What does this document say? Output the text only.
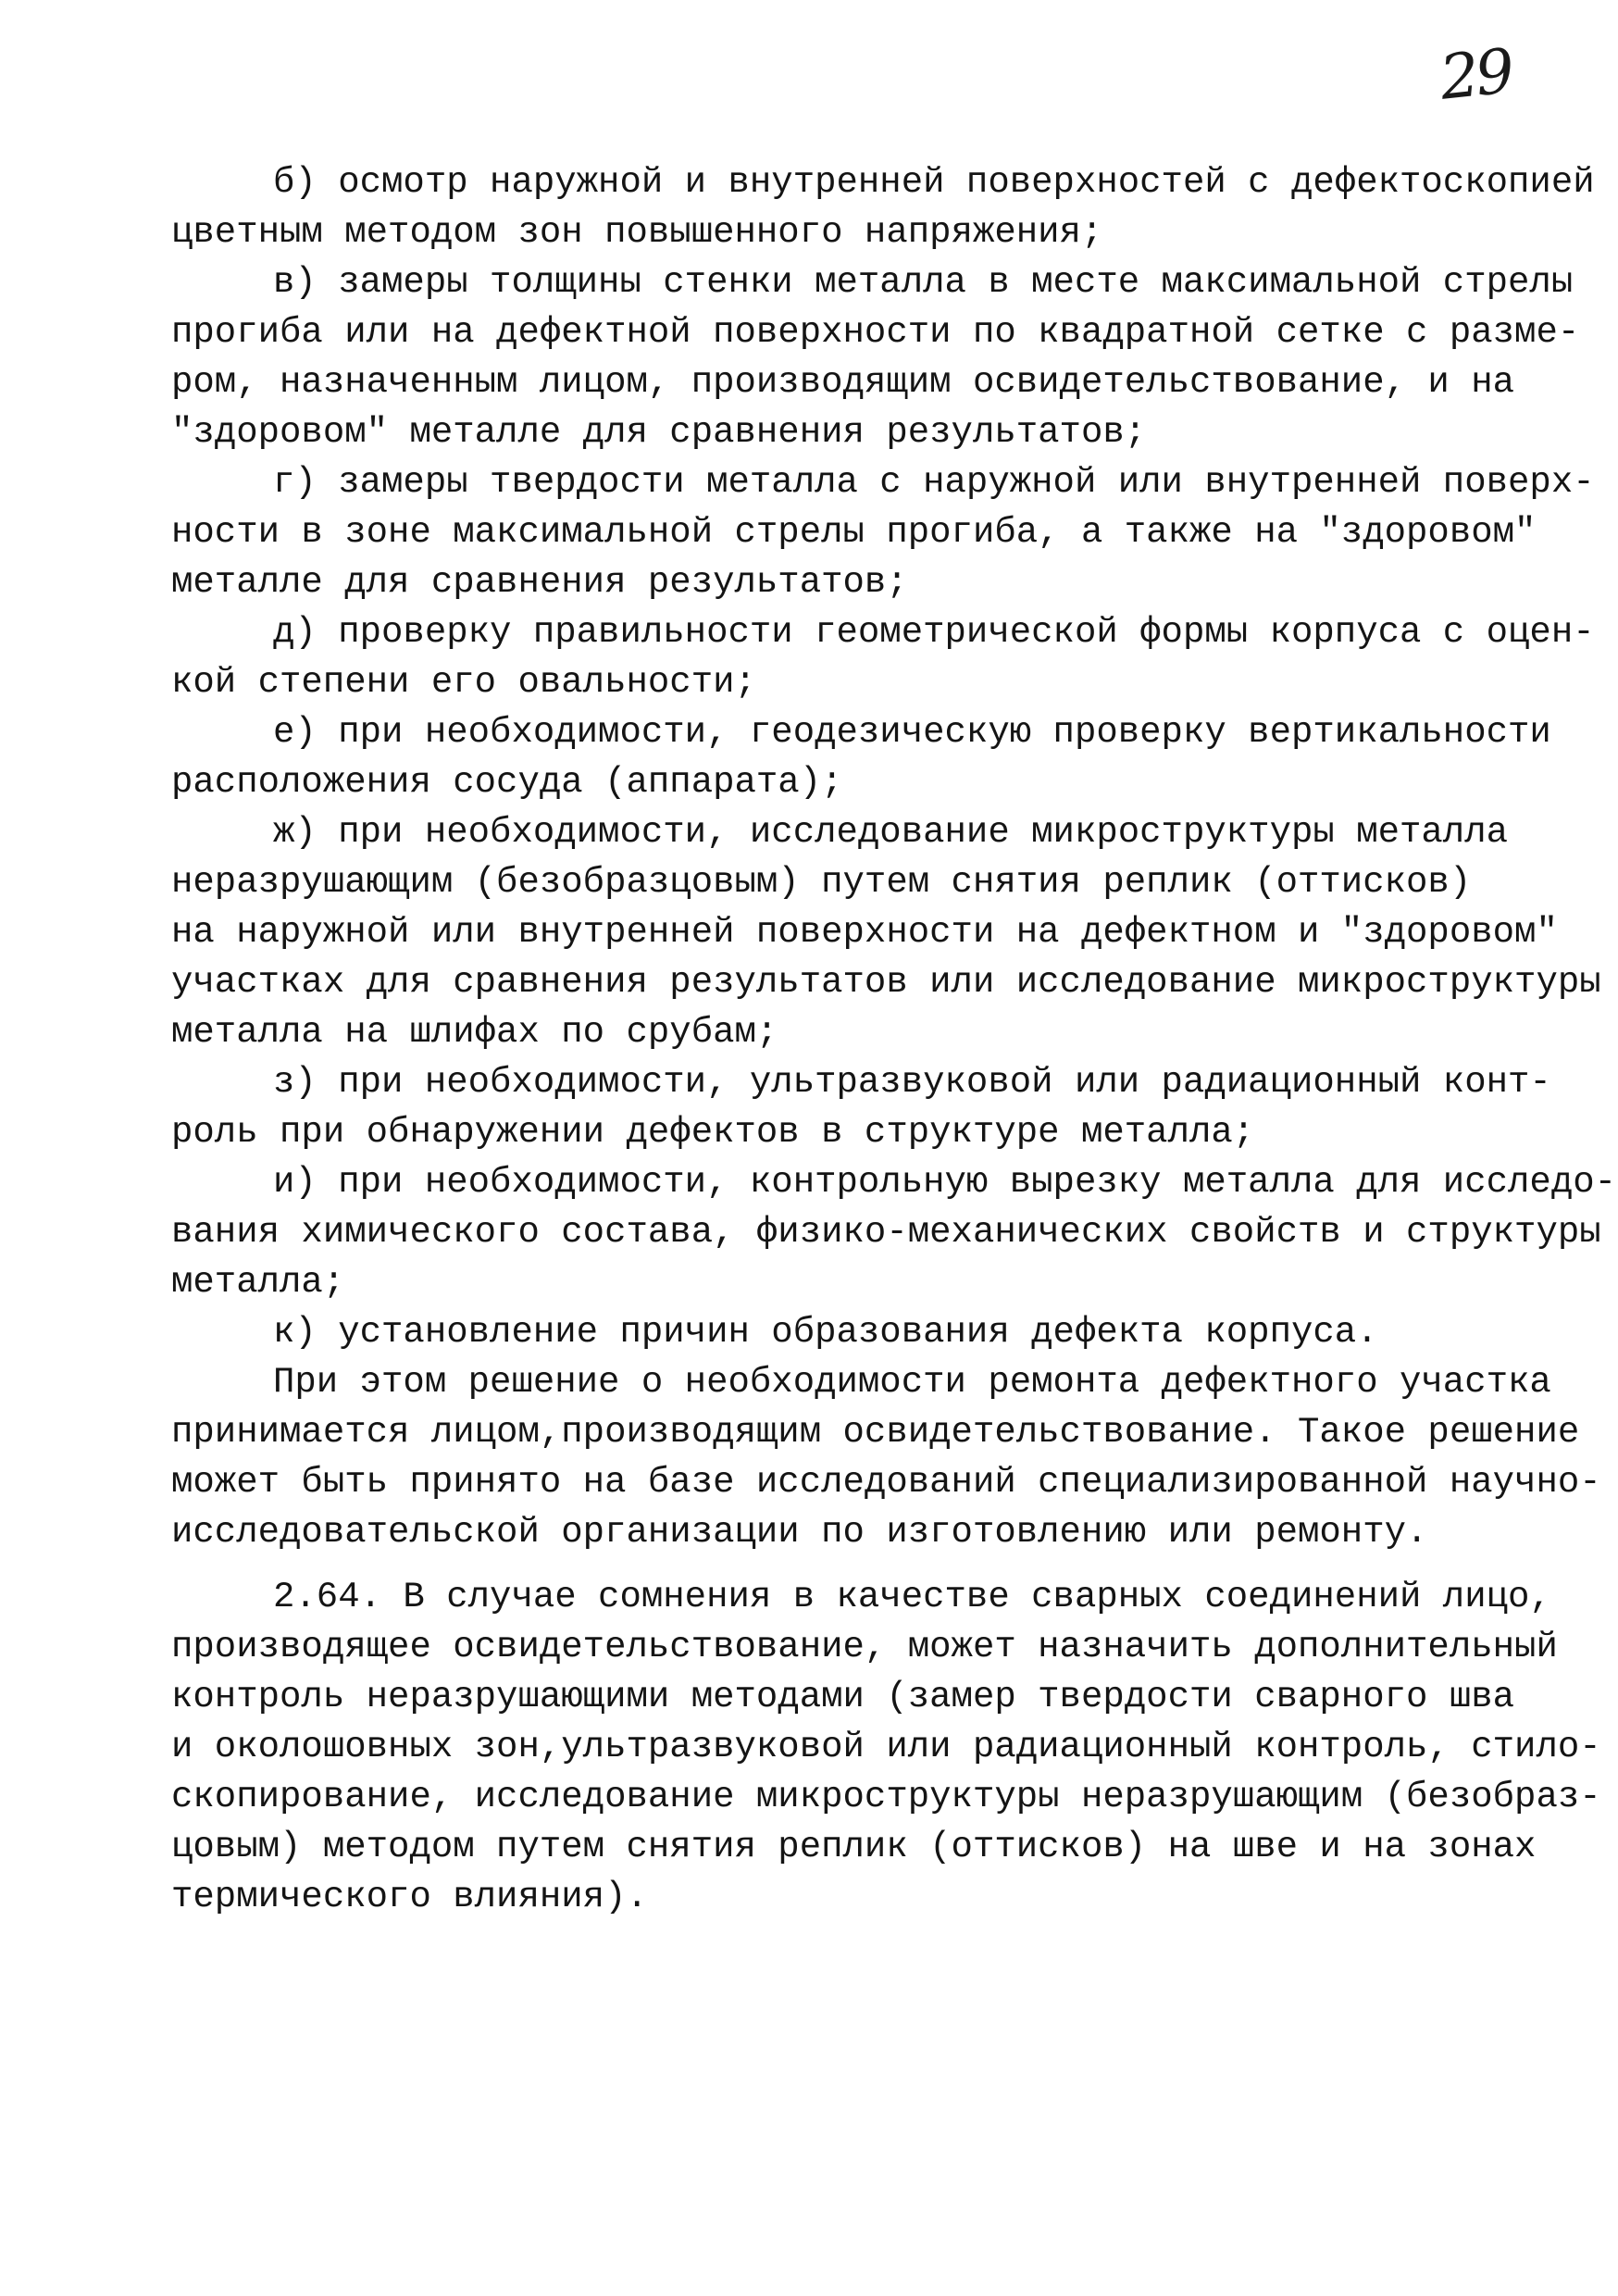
29
б) осмотр наружной и внутренней поверхностей с дефектоскопией
цветным методом зон повышенного напряжения;
в) замеры толщины стенки металла в месте максимальной стрелы
прогиба или на дефектной поверхности по квадратной сетке с разме-
ром, назначенным лицом, производящим освидетельствование, и на
"здоровом" металле для сравнения результатов;
г) замеры твердости металла с наружной или внутренней поверх-
ности в зоне максимальной стрелы прогиба, а также на "здоровом"
металле для сравнения результатов;
д) проверку правильности геометрической формы корпуса с оцен-
кой степени его овальности;
е) при необходимости, геодезическую проверку вертикальности
расположения сосуда (аппарата);
ж) при необходимости, исследование микроструктуры металла
неразрушающим (безобразцовым) путем снятия реплик (оттисков)
на наружной или внутренней поверхности на дефектном и "здоровом"
участках для сравнения результатов или исследование микроструктуры
металла на шлифах по срубам;
з) при необходимости, ультразвуковой или радиационный конт-
роль при обнаружении дефектов в структуре металла;
и) при необходимости, контрольную вырезку металла для исследо-
вания химического состава, физико-механических свойств и структуры
металла;
к) установление причин образования дефекта корпуса.
При этом решение о необходимости ремонта дефектного участка
принимается лицом,производящим освидетельствование. Такое решение
может быть принято на базе исследований специализированной научно-
исследовательской организации по изготовлению или ремонту.
2.64. В случае сомнения в качестве сварных соединений лицо,
производящее освидетельствование, может назначить дополнительный
контроль неразрушающими методами (замер твердости сварного шва
и околошовных зон,ультразвуковой или радиационный контроль, стило-
скопирование, исследование микроструктуры неразрушающим (безобраз-
цовым) методом путем снятия реплик (оттисков) на шве и на зонах
термического влияния).
